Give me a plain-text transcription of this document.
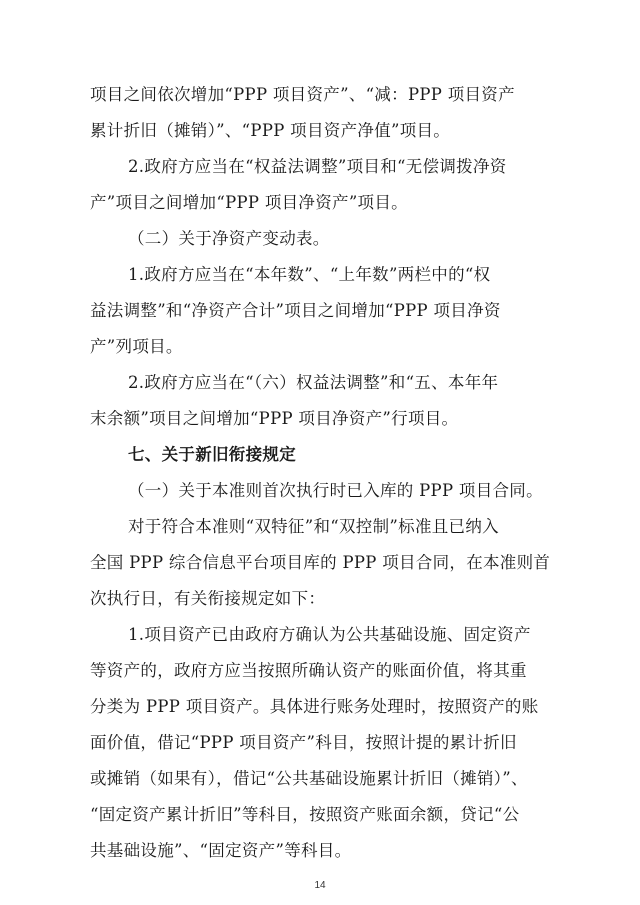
项目之间依次增加“PPP 项目资产”、“减：PPP 项目资产
累计折旧（摊销）”、“PPP 项目资产净值”项目。
2.政府方应当在“权益法调整”项目和“无偿调拨净资
产”项目之间增加“PPP 项目净资产”项目。
（二）关于净资产变动表。
1.政府方应当在“本年数”、“上年数”两栏中的“权
益法调整”和“净资产合计”项目之间增加“PPP 项目净资
产”列项目。
2.政府方应当在“（六）权益法调整”和“五、本年年
末余额”项目之间增加“PPP 项目净资产”行项目。
七、关于新旧衔接规定
（一）关于本准则首次执行时已入库的 PPP 项目合同。
对于符合本准则“双特征”和“双控制”标准且已纳入
全国 PPP 综合信息平台项目库的 PPP 项目合同，在本准则首
次执行日，有关衔接规定如下：
1.项目资产已由政府方确认为公共基础设施、固定资产
等资产的，政府方应当按照所确认资产的账面价值，将其重
分类为 PPP 项目资产。具体进行账务处理时，按照资产的账
面价值，借记“PPP 项目资产”科目，按照计提的累计折旧
或摊销（如果有），借记“公共基础设施累计折旧（摊销）”、
“固定资产累计折旧”等科目，按照资产账面余额，贷记“公
共基础设施”、“固定资产”等科目。
14
